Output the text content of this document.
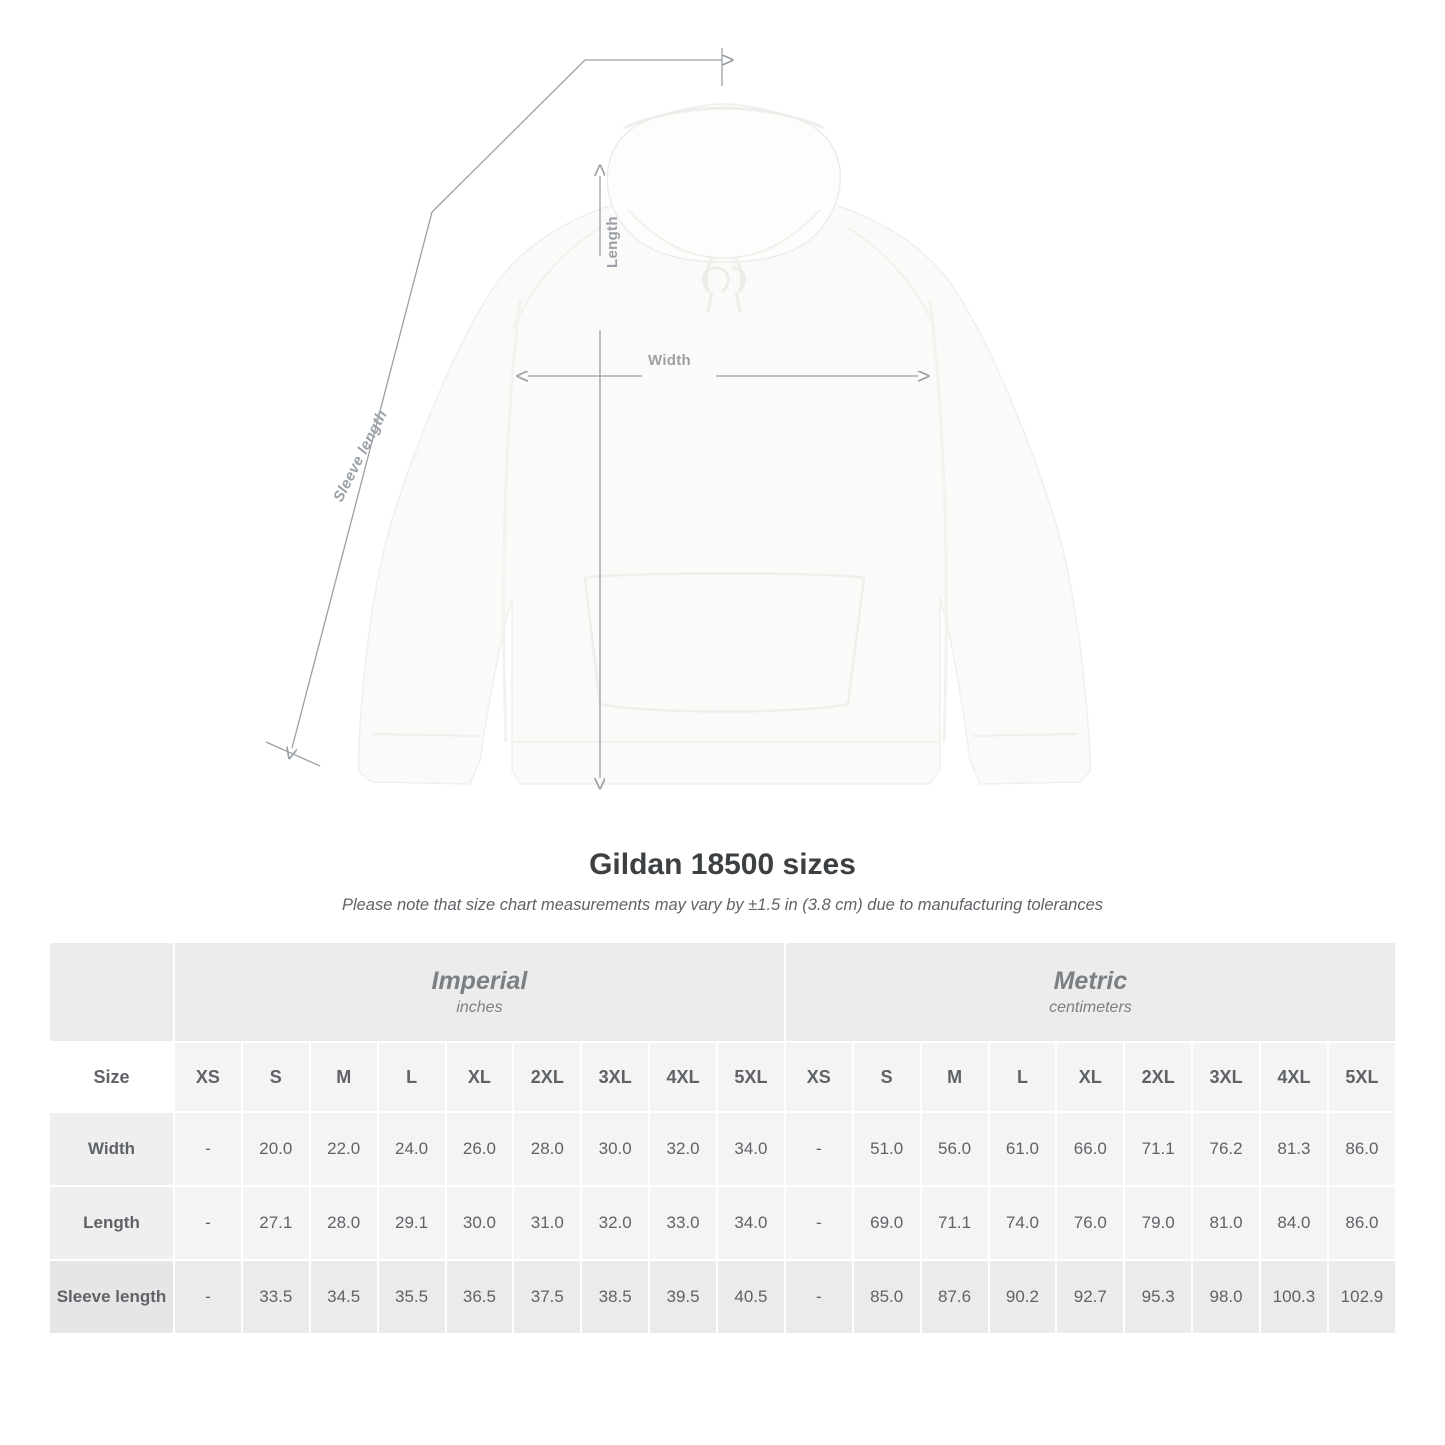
Width
Length
Sleeve length
Gildan 18500 sizes

Please note that size chart measurements may vary by ±1.5 in (3.8 cm) due to manufacturing tolerances

Imperial
inches

Metric
centimeters

Size	XS	S	M	L	XL	2XL	3XL	4XL	5XL	XS	S	M	L	XL	2XL	3XL	4XL	5XL
Width	-	20.0	22.0	24.0	26.0	28.0	30.0	32.0	34.0	-	51.0	56.0	61.0	66.0	71.1	76.2	81.3	86.0
Length	-	27.1	28.0	29.1	30.0	31.0	32.0	33.0	34.0	-	69.0	71.1	74.0	76.0	79.0	81.0	84.0	86.0
Sleeve length	-	33.5	34.5	35.5	36.5	37.5	38.5	39.5	40.5	-	85.0	87.6	90.2	92.7	95.3	98.0	100.3	102.9
